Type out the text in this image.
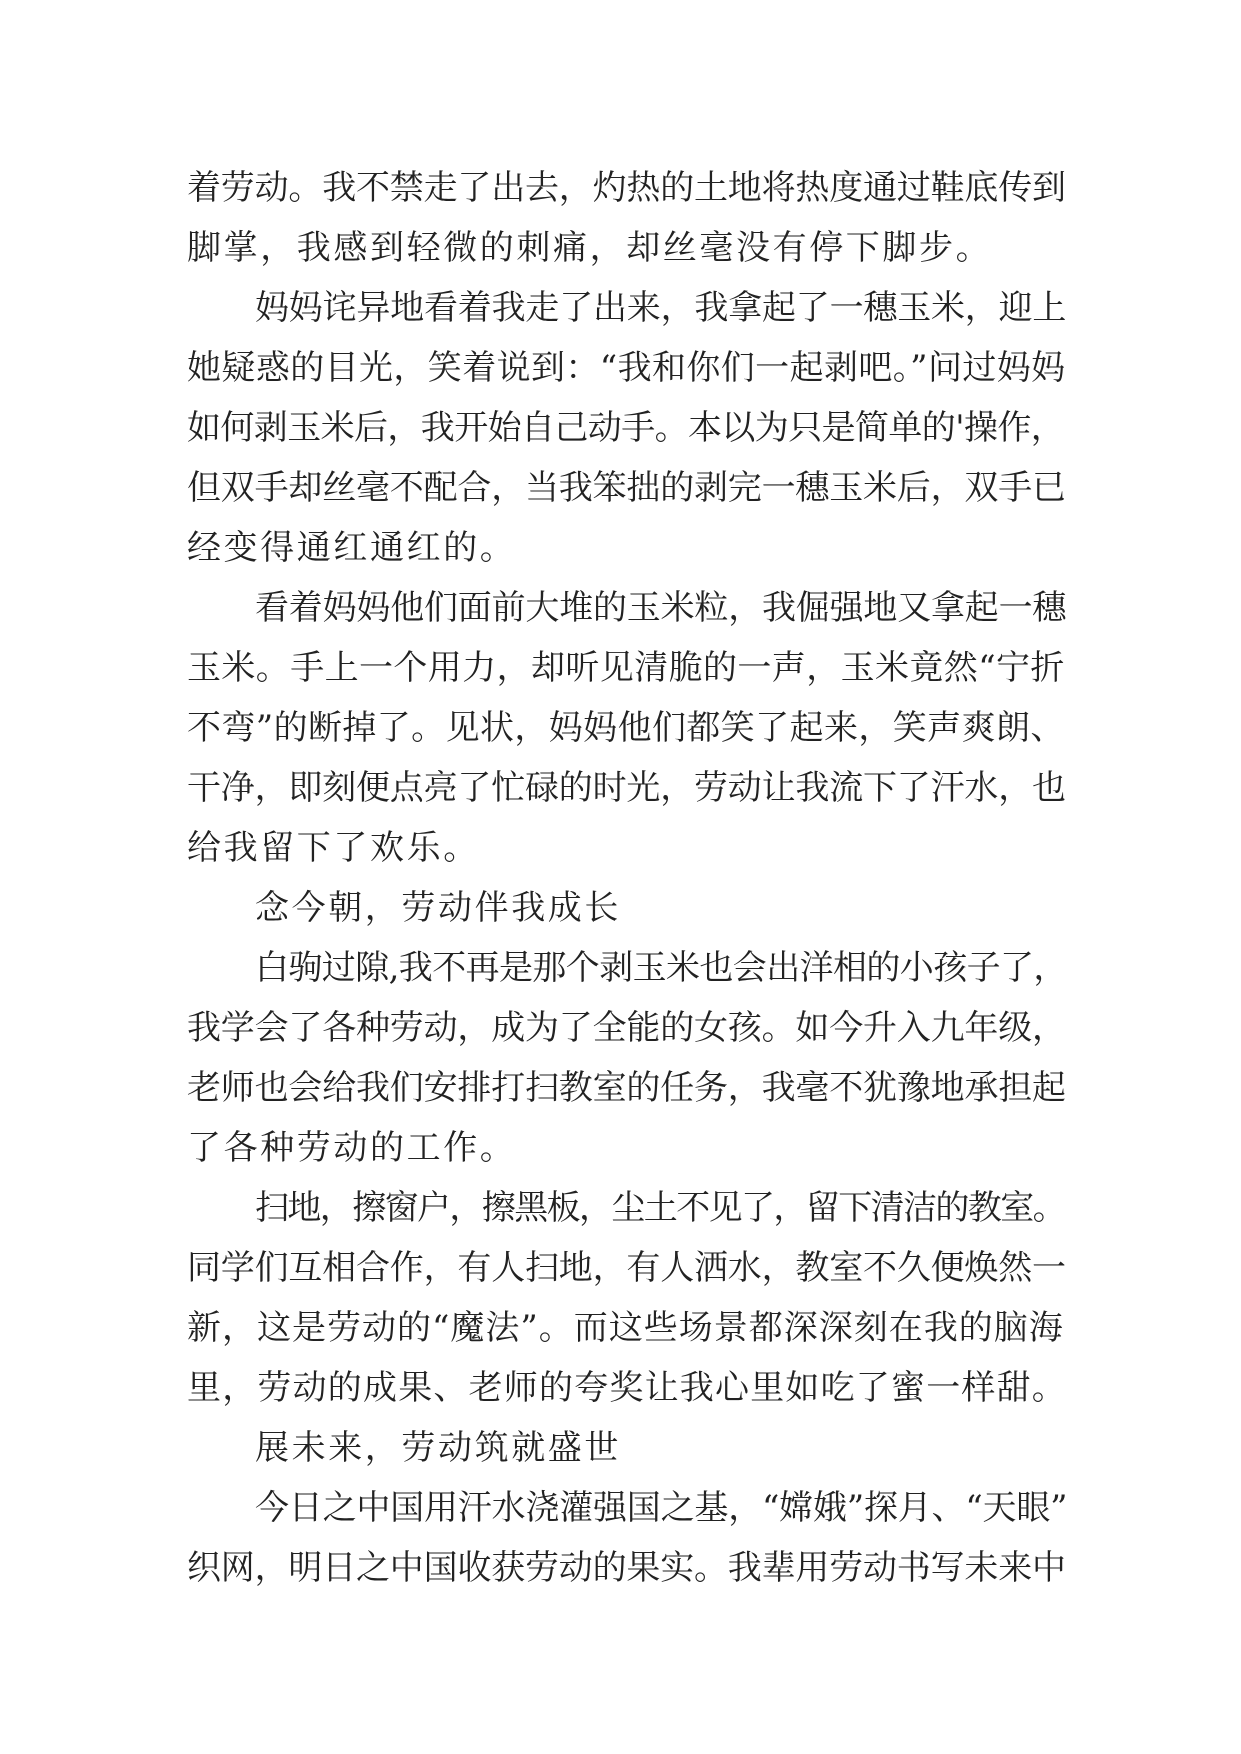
着劳动。我不禁走了出去，灼热的土地将热度通过鞋底传到
脚掌，我感到轻微的刺痛，却丝毫没有停下脚步。
妈妈诧异地看着我走了出来，我拿起了一穗玉米，迎上
她疑惑的目光，笑着说到：“我和你们一起剥吧。”问过妈妈
如何剥玉米后，我开始自己动手。本以为只是简单的'操作，
但双手却丝毫不配合，当我笨拙的剥完一穗玉米后，双手已
经变得通红通红的。
看着妈妈他们面前大堆的玉米粒，我倔强地又拿起一穗
玉米。手上一个用力，却听见清脆的一声，玉米竟然“宁折
不弯”的断掉了。见状，妈妈他们都笑了起来，笑声爽朗、
干净，即刻便点亮了忙碌的时光，劳动让我流下了汗水，也
给我留下了欢乐。
念今朝，劳动伴我成长
白驹过隙,我不再是那个剥玉米也会出洋相的小孩子了，
我学会了各种劳动，成为了全能的女孩。如今升入九年级，
老师也会给我们安排打扫教室的任务，我毫不犹豫地承担起
了各种劳动的工作。
扫地，擦窗户，擦黑板，尘土不见了，留下清洁的教室。
同学们互相合作，有人扫地，有人洒水，教室不久便焕然一
新，这是劳动的“魔法”。而这些场景都深深刻在我的脑海
里，劳动的成果、老师的夸奖让我心里如吃了蜜一样甜。
展未来，劳动筑就盛世
今日之中国用汗水浇灌强国之基，“嫦娥”探月、“天眼”
织网，明日之中国收获劳动的果实。我辈用劳动书写未来中
